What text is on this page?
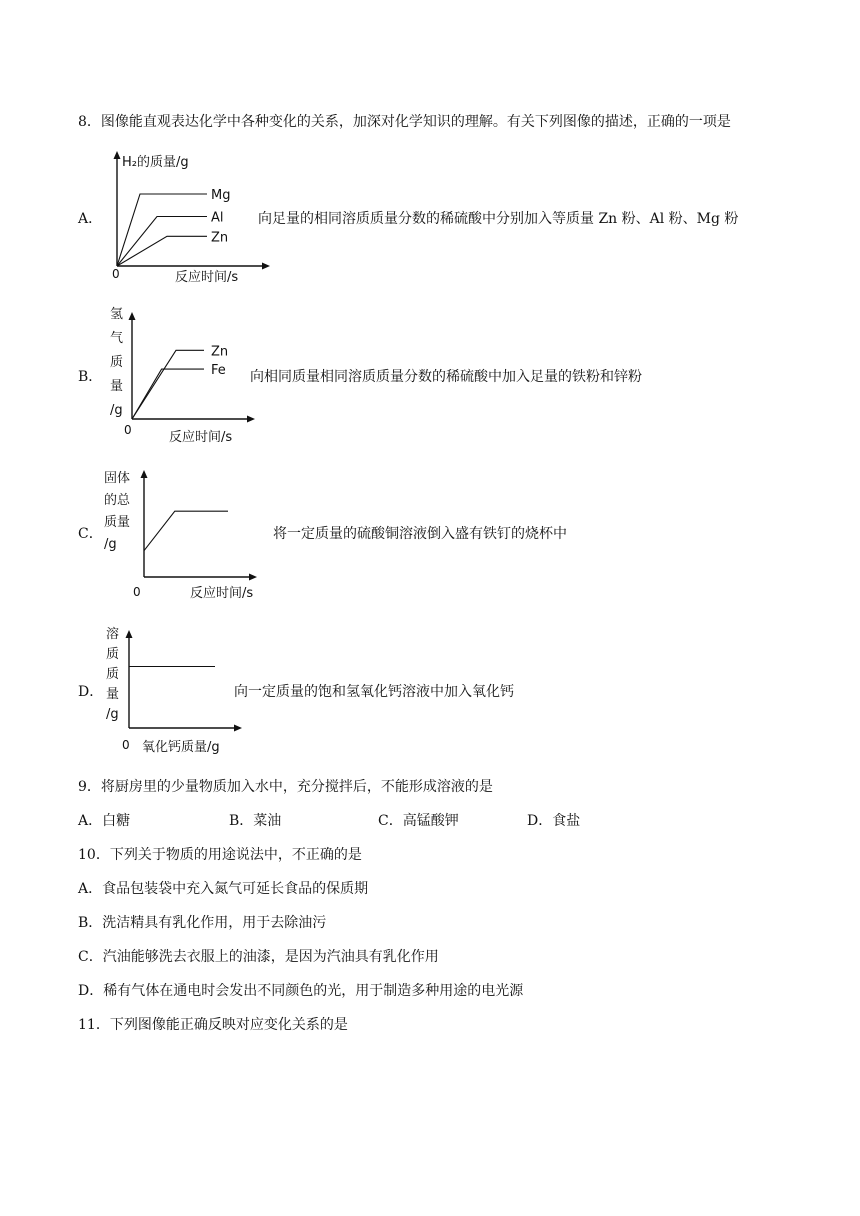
8．图像能直观表达化学中各种变化的关系，加深对化学知识的理解。有关下列图像的描述，正确的一项是
A．
H₂的质量/g
0	反应时间/s
Mg
Al
Zn
向足量的相同溶质质量分数的稀硫酸中分别加入等质量 Zn 粉、Al 粉、Mg 粉
B．
氢
气
质
量
/g
0	反应时间/s
Zn
Fe 向相同质量相同溶质质量分数的稀硫酸中加入足量的铁粉和锌粉
C．
固体
的总
质量
/g
0	反应时间/s
将一定质量的硫酸铜溶液倒入盛有铁钉的烧杯中
D．
溶
质
质
量
/g
0 氧化钙质量/g
向一定质量的饱和氢氧化钙溶液中加入氧化钙
9．将厨房里的少量物质加入水中，充分搅拌后，不能形成溶液的是
A．白糖	B．菜油	C．高锰酸钾	D．食盐
10．下列关于物质的用途说法中，不正确的是
A．食品包装袋中充入氮气可延长食品的保质期
B．洗洁精具有乳化作用，用于去除油污
C．汽油能够洗去衣服上的油漆，是因为汽油具有乳化作用
D．稀有气体在通电时会发出不同颜色的光，用于制造多种用途的电光源
11．下列图像能正确反映对应变化关系的是
